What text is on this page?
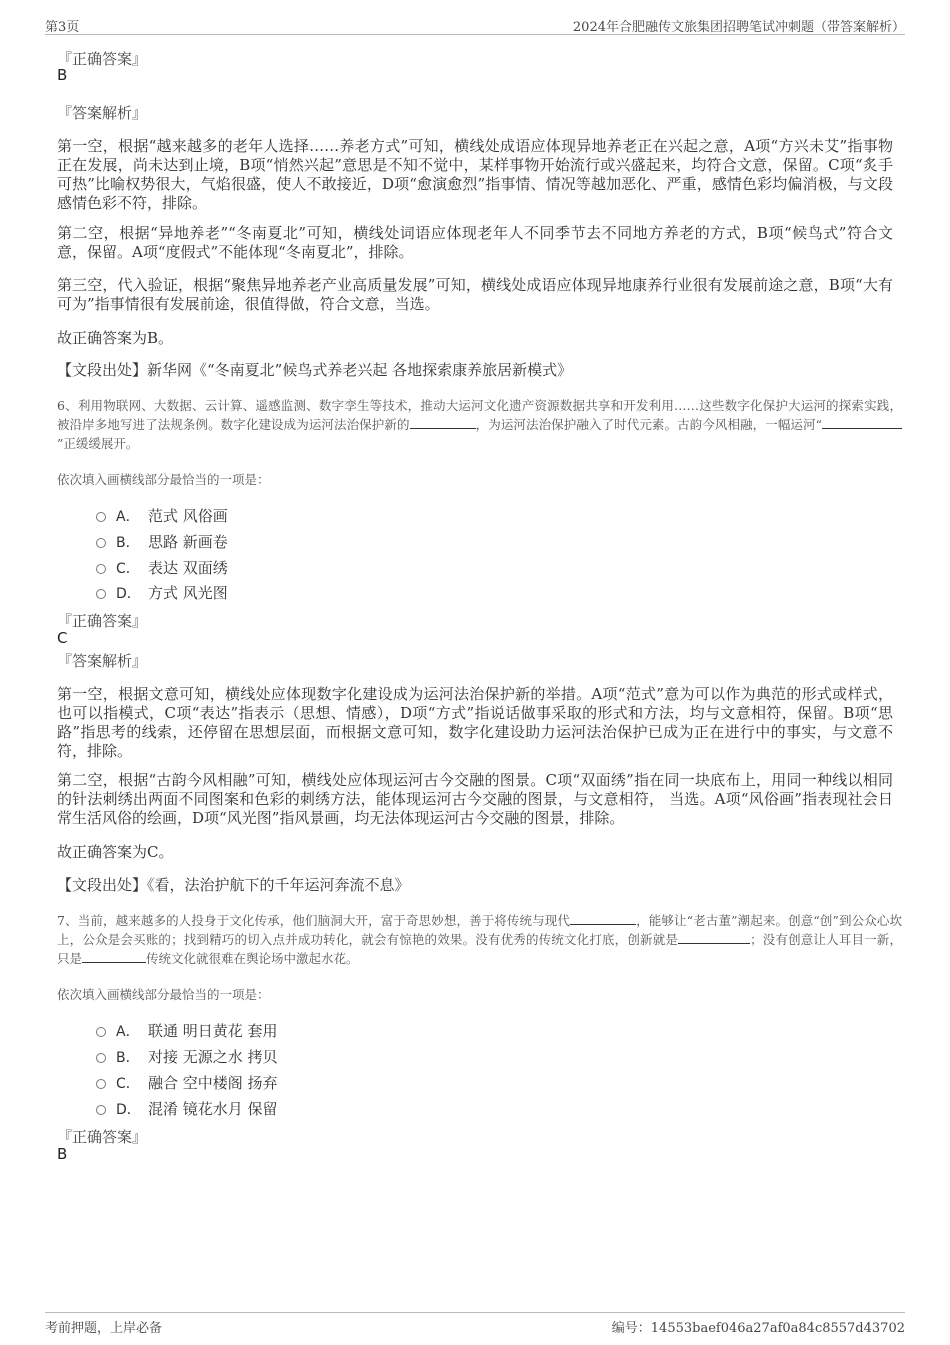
第3页	2024年合肥融传文旅集团招聘笔试冲刺题（带答案解析）
『正确答案』
B
『答案解析』

第一空，根据“越来越多的老年人选择……养老方式”可知，横线处成语应体现异地养老正在兴起之意，A项“方兴未艾”指事物正在发展，尚未达到止境，B项“悄然兴起”意思是不知不觉中，某样事物开始流行或兴盛起来，均符合文意，保留。C项“炙手可热”比喻权势很大，气焰很盛，使人不敢接近，D项“愈演愈烈”指事情、情况等越加恶化、严重，感情色彩均偏消极，与文段感情色彩不符，排除。

第二空，根据“异地养老”“冬南夏北”可知，横线处词语应体现老年人不同季节去不同地方养老的方式，B项“候鸟式”符合文意，保留。A项“度假式”不能体现“冬南夏北”，排除。

第三空，代入验证，根据“聚焦异地养老产业高质量发展”可知，横线处成语应体现异地康养行业很有发展前途之意，B项“大有可为”指事情很有发展前途，很值得做，符合文意，当选。

故正确答案为B。

【文段出处】新华网《“冬南夏北”候鸟式养老兴起 各地探索康养旅居新模式》

6、利用物联网、大数据、云计算、遥感监测、数字孪生等技术，推动大运河文化遗产资源数据共享和开发利用……这些数字化保护大运河的探索实践，被沿岸多地写进了法规条例。数字化建设成为运河法治保护新的	，为运河法治保护融入了时代元素。古韵今风相融，一幅运河“”正缓缓展开。

依次填入画横线部分最恰当的一项是：

A． 范式 风俗画
B． 思路 新画卷
C． 表达 双面绣
D． 方式 风光图
『正确答案』
C
『答案解析』

第一空，根据文意可知，横线处应体现数字化建设成为运河法治保护新的举措。A项“范式”意为可以作为典范的形式或样式，也可以指模式，C项“表达”指表示（思想、情感），D项“方式”指说话做事采取的形式和方法，均与文意相符，保留。B项“思路”指思考的线索，还停留在思想层面，而根据文意可知，数字化建设助力运河法治保护已成为正在进行中的事实，与文意不符，排除。

第二空，根据“古韵今风相融”可知，横线处应体现运河古今交融的图景。C项“双面绣”指在同一块底布上，用同一种线以相同的针法刺绣出两面不同图案和色彩的刺绣方法，能体现运河古今交融的图景，与文意相符， 当选。A项“风俗画”指表现社会日常生活风俗的绘画，D项“风光图”指风景画，均无法体现运河古今交融的图景，排除。

故正确答案为C。

【文段出处】《看，法治护航下的千年运河奔流不息》

7、当前，越来越多的人投身于文化传承，他们脑洞大开，富于奇思妙想，善于将传统与现代	，能够让“老古董”潮起来。创意“创”到公众心坎上，公众是会买账的；找到精巧的切入点并成功转化，就会有惊艳的效果。没有优秀的传统文化打底，创新就是	；没有创意让人耳目一新，只是	传统文化就很难在舆论场中激起水花。

依次填入画横线部分最恰当的一项是：

A． 联通 明日黄花 套用
B． 对接 无源之水 拷贝
C． 融合 空中楼阁 扬弃
D． 混淆 镜花水月 保留
『正确答案』
B
考前押题，上岸必备	编号：14553baef046a27af0a84c8557d43702
